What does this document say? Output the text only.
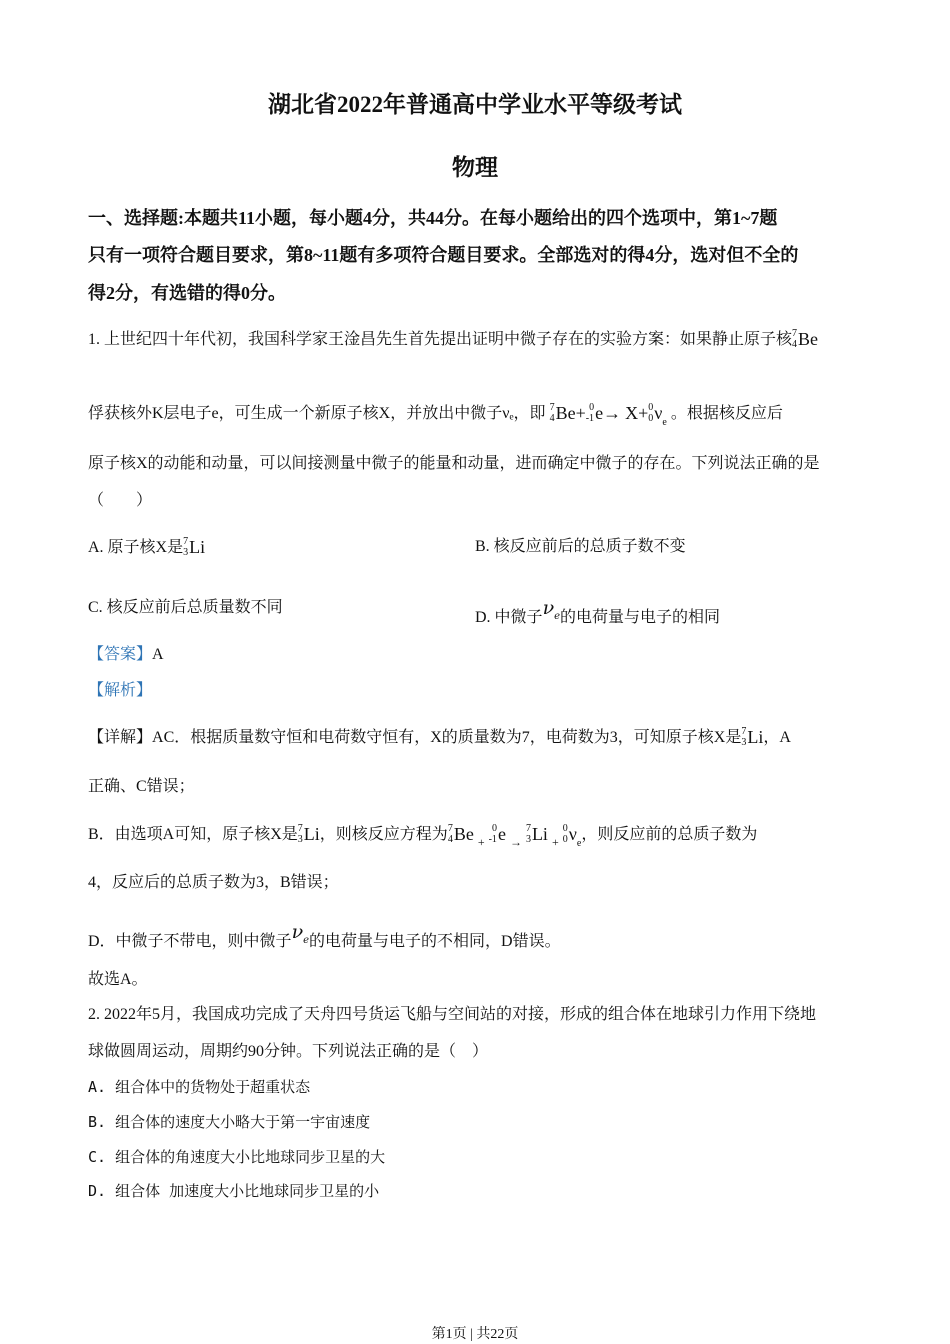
湖北省2022年普通高中学业水平等级考试
物理
一、选择题:本题共11小题，每小题4分，共44分。在每小题给出的四个选项中，第1~7题
只有一项符合题目要求，第8~11题有多项符合题目要求。全部选对的得4分，选对但不全的
得2分，有选错的得0分。
1. 上世纪四十年代初，我国科学家王淦昌先生首先提出证明中微子存在的实验方案：如果静止原子核 7
4 Be
俘获核外K层电子e，可生成一个新原子核X，并放出中微子νₑ，即 7
4 Be + 0
-1 e →
X + 0
0 ν e
。根据核反应后
原子核X的动能和动量，可以间接测量中微子的能量和动量，进而确定中微子的存在。下列说法正确的是
（　　）
A. 原子核X是 7
3 Li	B. 核反应前后的总质子数不变
C. 核反应前后总质量数不同
D. 中微子$\nu_e$的电荷量与电子的相同
【答案】A
【解析】
【详解】AC．根据质量数守恒和电荷数守恒有，X的质量数为7，电荷数为3，可知原子核X是 7
3 Li ，A
正确、C错误；
B．由选项A可知，原子核X是 7
3 Li ，则核反应方程为 7
4 Be
+

0
-1 e
→

7
3 Li
+

0
0 ν e
，则反应前的总质子数为
4，反应后的总质子数为3，B错误；
D．中微子不带电，则中微子$\nu_e$的电荷量与电子的不相同，D错误。
故选A。
2. 2022年5月，我国成功完成了天舟四号货运飞船与空间站的对接，形成的组合体在地球引力作用下绕地
球做圆周运动，周期约90分钟。下列说法正确的是（　）
A. 组合体中的货物处于超重状态
B. 组合体的速度大小略大于第一宇宙速度
C. 组合体的角速度大小比地球同步卫星的大
D. 组合体 加速度大小比地球同步卫星的小
第1页 | 共22页
